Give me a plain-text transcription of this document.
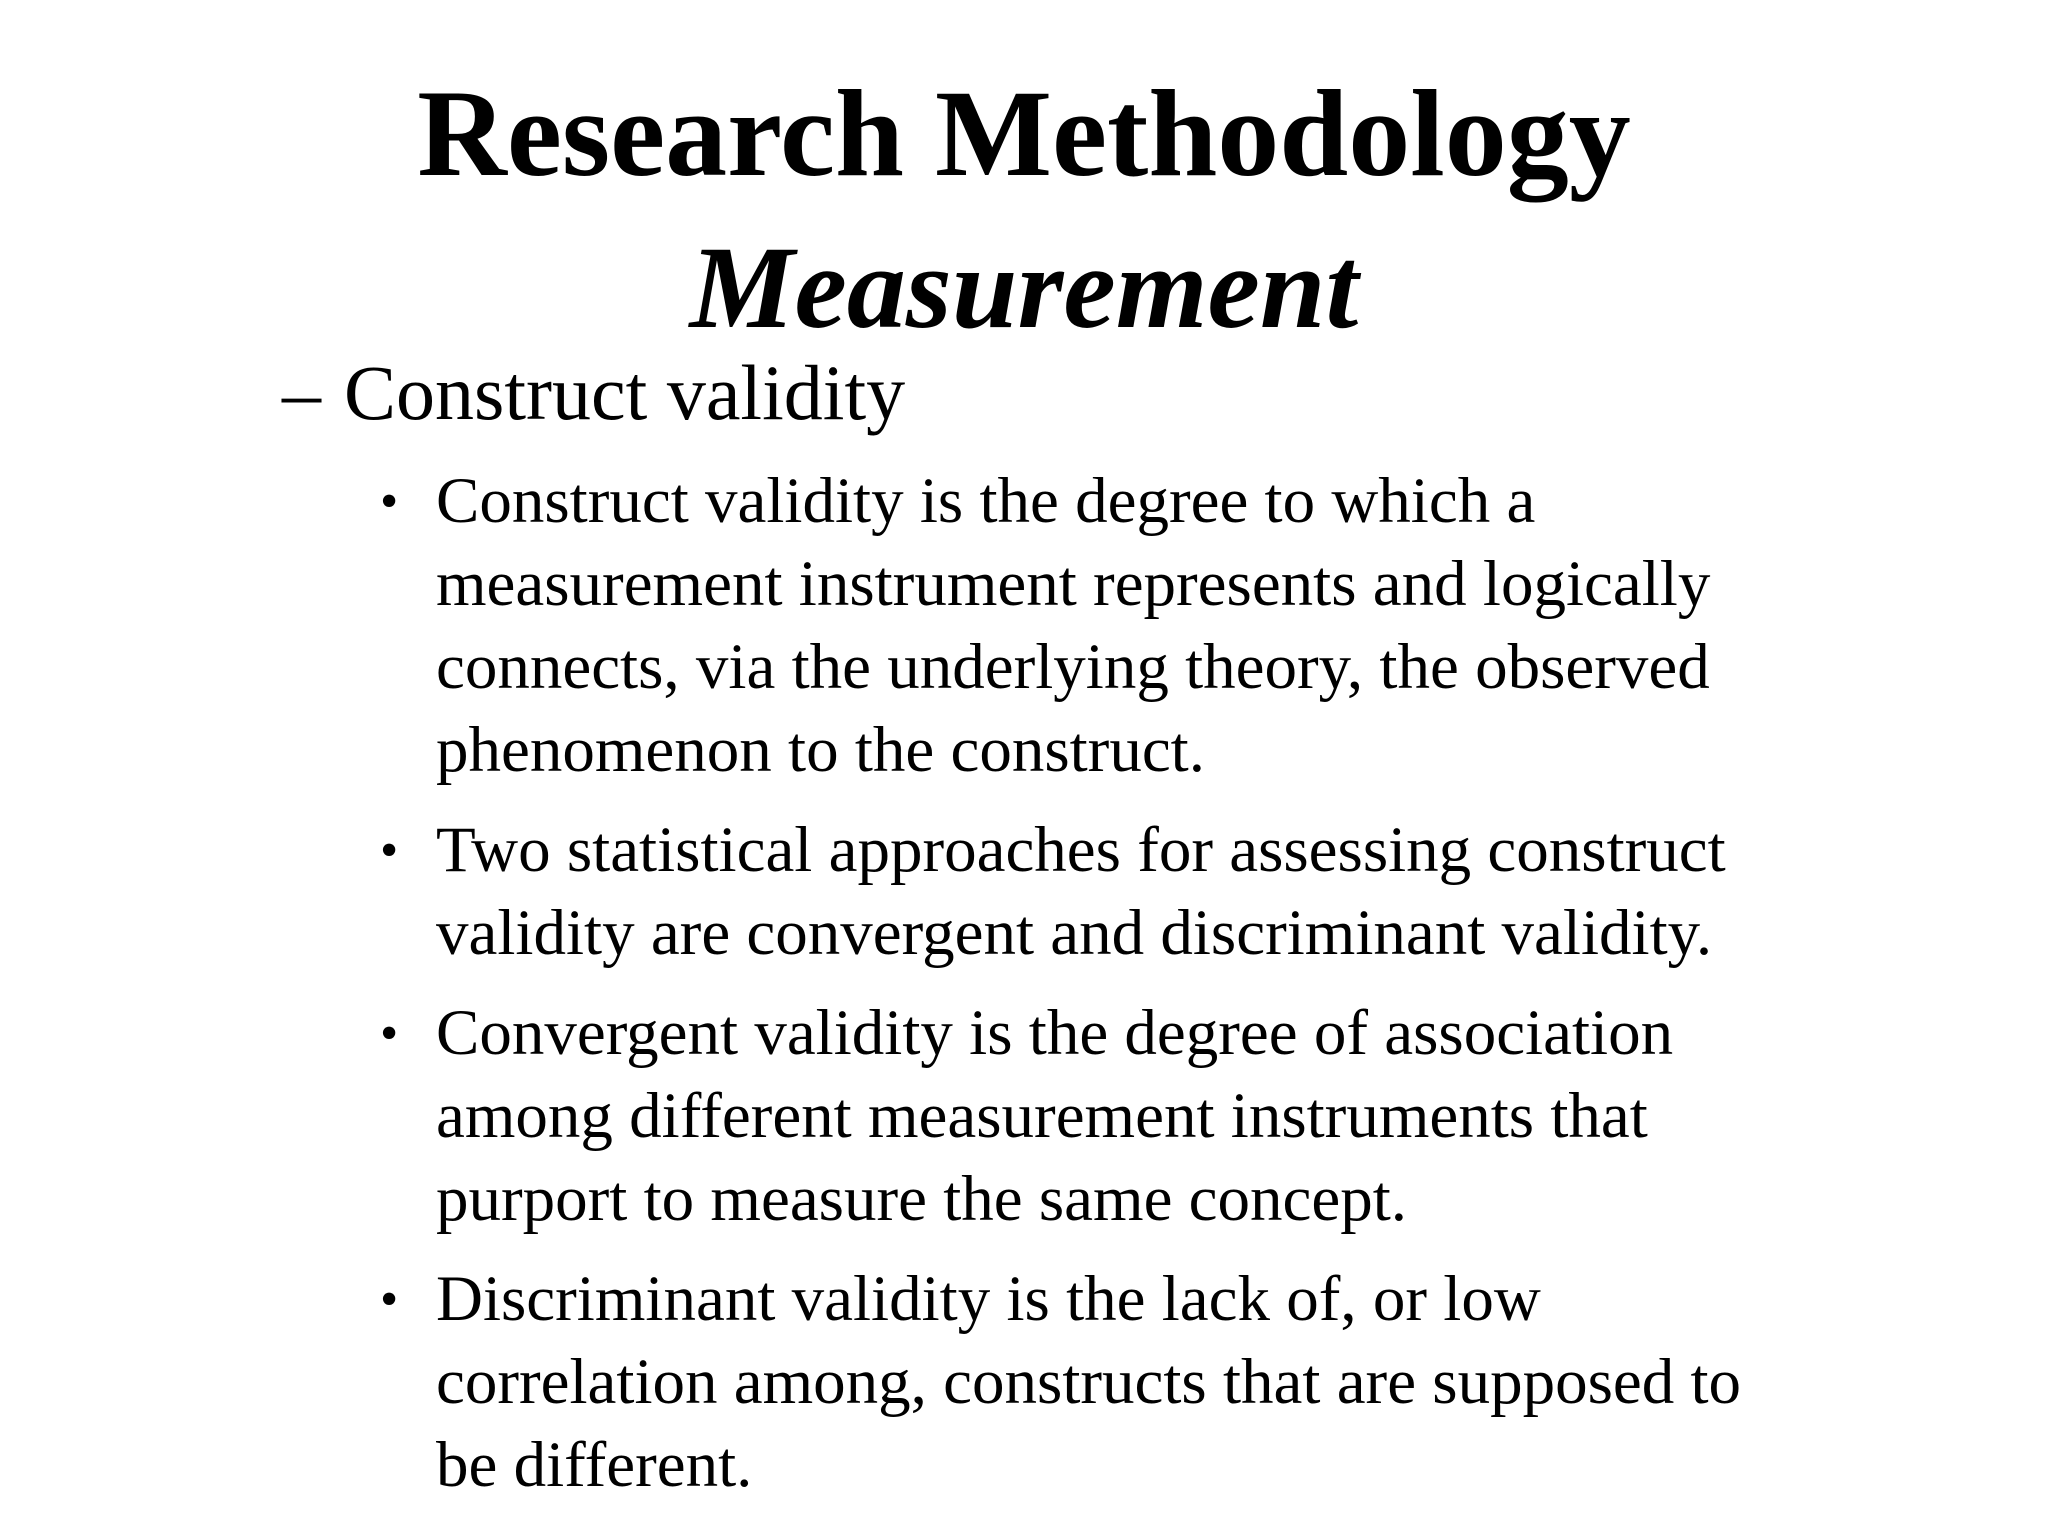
Research Methodology
Measurement
– Construct validity
• Construct validity is the degree to which a
measurement instrument represents and logically
connects, via the underlying theory, the observed
phenomenon to the construct.
• Two statistical approaches for assessing construct
validity are convergent and discriminant validity.
• Convergent validity is the degree of association
among different measurement instruments that
purport to measure the same concept.
• Discriminant validity is the lack of, or low
correlation among, constructs that are supposed to
be different.
